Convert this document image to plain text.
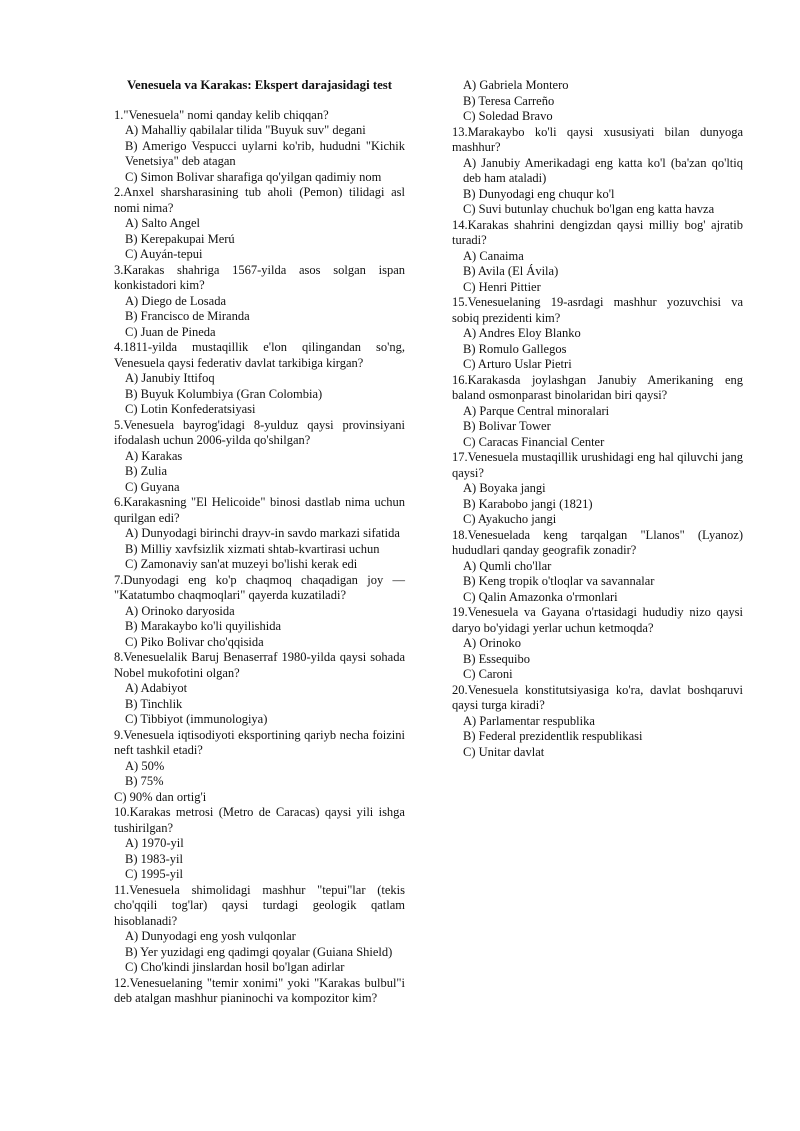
Venesuela va Karakas: Ekspert darajasidagi test
1."Venesuela" nomi qanday kelib chiqqan?
A) Mahalliy qabilalar tilida "Buyuk suv" degani
B) Amerigo Vespucci uylarni ko'rib, hududni "Kichik Venetsiya" deb atagan
C) Simon Bolivar sharafiga qo'yilgan qadimiy nom
2.Anxel sharsharasining tub aholi (Pemon) tilidagi asl nomi nima?
A) Salto Angel
B) Kerepakupai Merú
C) Auyán-tepui
3.Karakas shahriga 1567-yilda asos solgan ispan konkistadori kim?
A) Diego de Losada
B) Francisco de Miranda
C) Juan de Pineda
4.1811-yilda mustaqillik e'lon qilingandan so'ng, Venesuela qaysi federativ davlat tarkibiga kirgan?
A) Janubiy Ittifoq
B) Buyuk Kolumbiya (Gran Colombia)
C) Lotin Konfederatsiyasi
5.Venesuela bayrog'idagi 8-yulduz qaysi provinsiyani ifodalash uchun 2006-yilda qo'shilgan?
A) Karakas
B) Zulia
C) Guyana
6.Karakasning "El Helicoide" binosi dastlab nima uchun qurilgan edi?
A) Dunyodagi birinchi drayv-in savdo markazi sifatida
B) Milliy xavfsizlik xizmati shtab-kvartirasi uchun
C) Zamonaviy san'at muzeyi bo'lishi kerak edi
7.Dunyodagi eng ko'p chaqmoq chaqadigan joy — "Katatumbo chaqmoqlari" qayerda kuzatiladi?
A) Orinoko daryosida
B) Marakaybo ko'li quyilishida
C) Piko Bolivar cho'qqisida
8.Venesuelalik Baruj Benaserraf 1980-yilda qaysi sohada Nobel mukofotini olgan?
A) Adabiyot
B) Tinchlik
C) Tibbiyot (immunologiya)
9.Venesuela iqtisodiyoti eksportining qariyb necha foizini neft tashkil etadi?
A) 50%
B) 75%
C) 90% dan ortig'i
10.Karakas metrosi (Metro de Caracas) qaysi yili ishga tushirilgan?
A) 1970-yil
B) 1983-yil
C) 1995-yil
11.Venesuela shimolidagi mashhur "tepui"lar (tekis cho'qqili tog'lar) qaysi turdagi geologik qatlam hisoblanadi?
A) Dunyodagi eng yosh vulqonlar
B) Yer yuzidagi eng qadimgi qoyalar (Guiana Shield)
C) Cho'kindi jinslardan hosil bo'lgan adirlar
12.Venesuelaning "temir xonimi" yoki "Karakas bulbul"i deb atalgan mashhur pianinochi va kompozitor kim?
A) Gabriela Montero
B) Teresa Carreño
C) Soledad Bravo
13.Marakaybo ko'li qaysi xususiyati bilan dunyoga mashhur?
A) Janubiy Amerikadagi eng katta ko'l (ba'zan qo'ltiq deb ham ataladi)
B) Dunyodagi eng chuqur ko'l
C) Suvi butunlay chuchuk bo'lgan eng katta havza
14.Karakas shahrini dengizdan qaysi milliy bog' ajratib turadi?
A) Canaima
B) Avila (El Ávila)
C) Henri Pittier
15.Venesuelaning 19-asrdagi mashhur yozuvchisi va sobiq prezidenti kim?
A) Andres Eloy Blanko
B) Romulo Gallegos
C) Arturo Uslar Pietri
16.Karakasda joylashgan Janubiy Amerikaning eng baland osmonparast binolaridan biri qaysi?
A) Parque Central minoralari
B) Bolivar Tower
C) Caracas Financial Center
17.Venesuela mustaqillik urushidagi eng hal qiluvchi jang qaysi?
A) Boyaka jangi
B) Karabobo jangi (1821)
C) Ayakucho jangi
18.Venesuelada keng tarqalgan "Llanos" (Lyanoz) hududlari qanday geografik zonadir?
A) Qumli cho'llar
B) Keng tropik o'tloqlar va savannalar
C) Qalin Amazonka o'rmonlari
19.Venesuela va Gayana o'rtasidagi hududiy nizo qaysi daryo bo'yidagi yerlar uchun ketmoqda?
A) Orinoko
B) Essequibo
C) Caroni
20.Venesuela konstitutsiyasiga ko'ra, davlat boshqaruvi qaysi turga kiradi?
A) Parlamentar respublika
B) Federal prezidentlik respublikasi
C) Unitar davlat
